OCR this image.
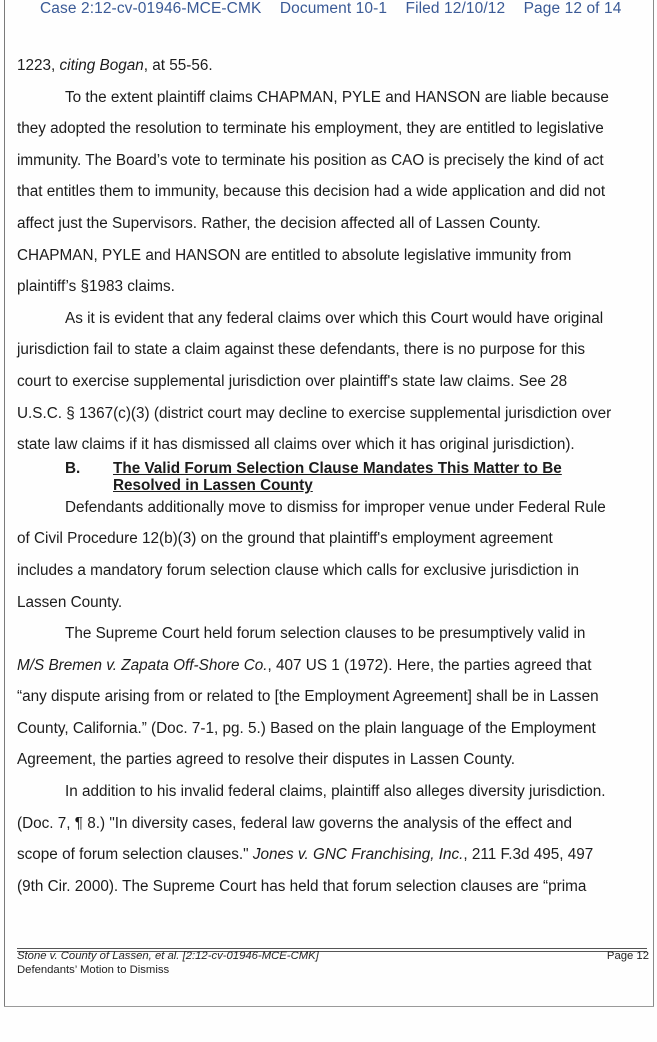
Case 2:12-cv-01946-MCE-CMK Document 10-1 Filed 12/10/12 Page 12 of 14
1223, citing Bogan, at 55-56.
To the extent plaintiff claims CHAPMAN, PYLE and HANSON are liable because
they adopted the resolution to terminate his employment, they are entitled to legislative
immunity. The Board’s vote to terminate his position as CAO is precisely the kind of act
that entitles them to immunity, because this decision had a wide application and did not
affect just the Supervisors. Rather, the decision affected all of Lassen County.
CHAPMAN, PYLE and HANSON are entitled to absolute legislative immunity from
plaintiff’s §1983 claims.
As it is evident that any federal claims over which this Court would have original
jurisdiction fail to state a claim against these defendants, there is no purpose for this
court to exercise supplemental jurisdiction over plaintiff's state law claims. See 28
U.S.C. § 1367(c)(3) (district court may decline to exercise supplemental jurisdiction over
state law claims if it has dismissed all claims over which it has original jurisdiction).
B. The Valid Forum Selection Clause Mandates This Matter to Be Resolved in Lassen County
Defendants additionally move to dismiss for improper venue under Federal Rule
of Civil Procedure 12(b)(3) on the ground that plaintiff's employment agreement
includes a mandatory forum selection clause which calls for exclusive jurisdiction in
Lassen County.
The Supreme Court held forum selection clauses to be presumptively valid in
M/S Bremen v. Zapata Off-Shore Co., 407 US 1 (1972). Here, the parties agreed that
“any dispute arising from or related to [the Employment Agreement] shall be in Lassen
County, California.” (Doc. 7-1, pg. 5.) Based on the plain language of the Employment
Agreement, the parties agreed to resolve their disputes in Lassen County.
In addition to his invalid federal claims, plaintiff also alleges diversity jurisdiction.
(Doc. 7, ¶ 8.) "In diversity cases, federal law governs the analysis of the effect and
scope of forum selection clauses." Jones v. GNC Franchising, Inc., 211 F.3d 495, 497
(9th Cir. 2000). The Supreme Court has held that forum selection clauses are “prima
Stone v. County of Lassen, et al. [2:12-cv-01946-MCE-CMK]	Page 12
Defendants’ Motion to Dismiss
